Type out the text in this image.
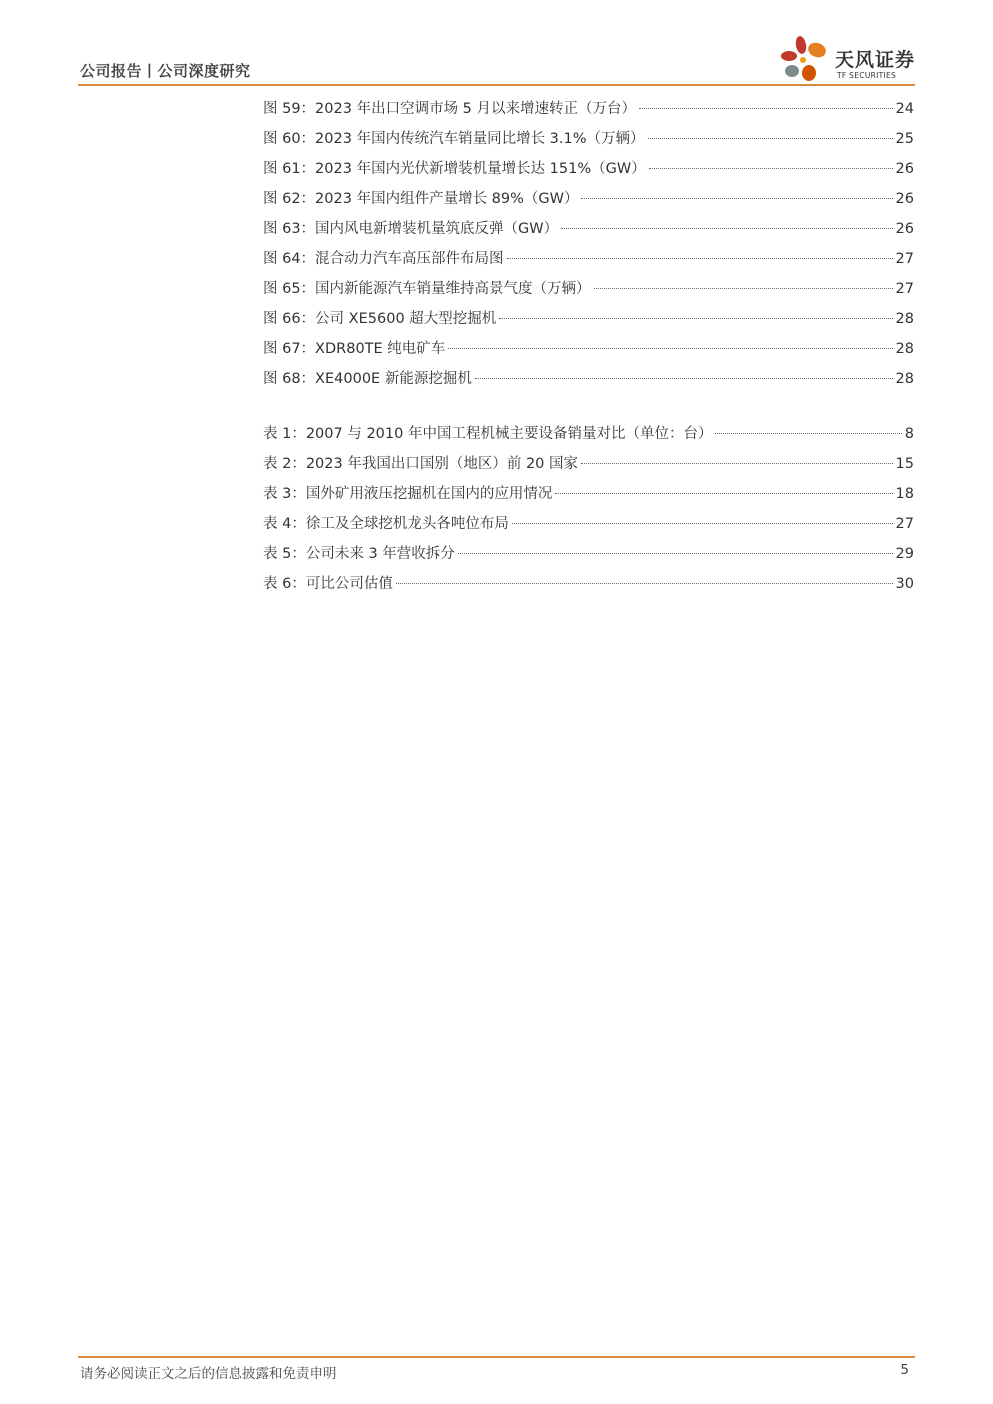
公司报告丨公司深度研究	天风证券
TF SECURITIES
图 59：2023 年出口空调市场 5 月以来增速转正（万台）	24
图 60：2023 年国内传统汽车销量同比增长 3.1%（万辆）	25
图 61：2023 年国内光伏新增装机量增长达 151%（GW）	26
图 62：2023 年国内组件产量增长 89%（GW）	26
图 63：国内风电新增装机量筑底反弹（GW）	26
图 64：混合动力汽车高压部件布局图	27
图 65：国内新能源汽车销量维持高景气度（万辆）	27
图 66：公司 XE5600 超大型挖掘机	28
图 67：XDR80TE 纯电矿车	28
图 68：XE4000E 新能源挖掘机	28
表 1：2007 与 2010 年中国工程机械主要设备销量对比（单位：台）	8
表 2：2023 年我国出口国别（地区）前 20 国家	15
表 3：国外矿用液压挖掘机在国内的应用情况	18
表 4：徐工及全球挖机龙头各吨位布局	27
表 5：公司未来 3 年营收拆分	29
表 6：可比公司估值	30
请务必阅读正文之后的信息披露和免责申明	5
